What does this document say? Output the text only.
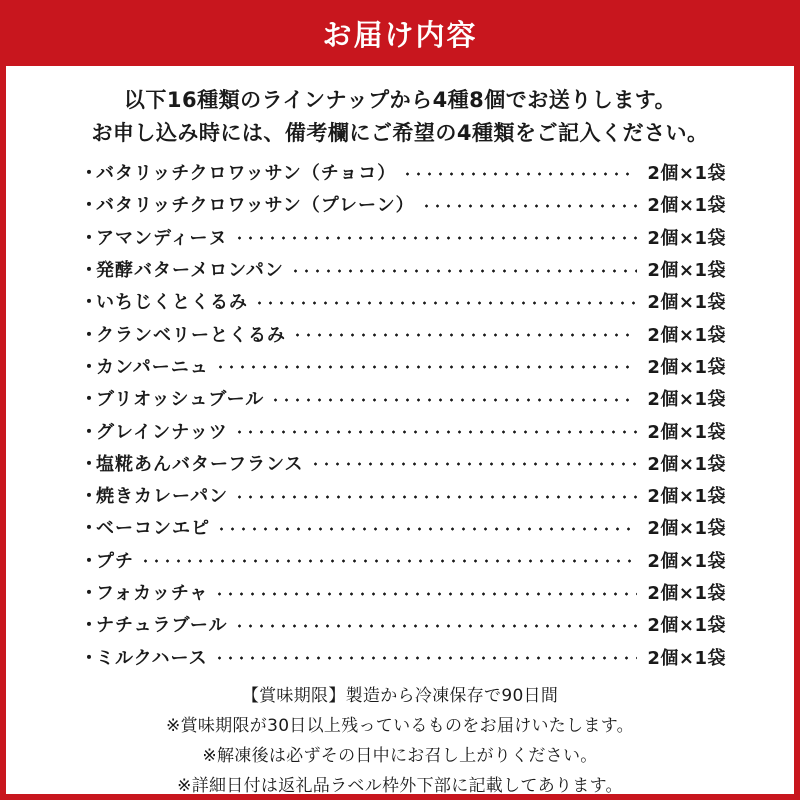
お届け内容
以下16種類のラインナップから4種8個でお送りします。
お申し込み時には、備考欄にご希望の4種類をご記入ください。
・
バタリッチクロワッサン（チョコ）	2個×1袋
・
バタリッチクロワッサン（プレーン）	2個×1袋
・
アマンディーヌ	2個×1袋
・
発酵バターメロンパン	2個×1袋
・
いちじくとくるみ	2個×1袋
・
クランベリーとくるみ	2個×1袋
・
カンパーニュ	2個×1袋
・
ブリオッシュブール	2個×1袋
・
グレインナッツ	2個×1袋
・
塩糀あんバターフランス	2個×1袋
・
焼きカレーパン	2個×1袋
・
ベーコンエピ	2個×1袋
・
プチ	2個×1袋
・
フォカッチャ	2個×1袋
・
ナチュラブール	2個×1袋
・
ミルクハース	2個×1袋
【賞味期限】製造から冷凍保存で90日間
※賞味期限が30日以上残っているものをお届けいたします。
※解凍後は必ずその日中にお召し上がりください。
※詳細日付は返礼品ラベル枠外下部に記載してあります。
